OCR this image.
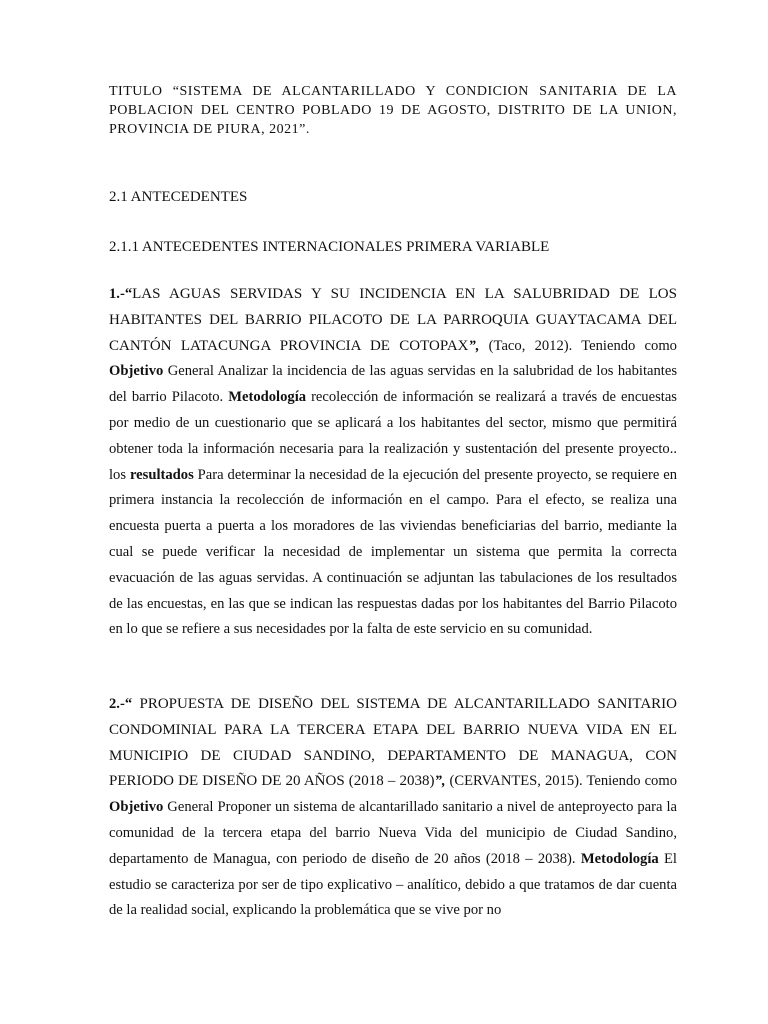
TITULO “SISTEMA DE ALCANTARILLADO Y CONDICION SANITARIA DE LA POBLACION DEL CENTRO POBLADO 19 DE AGOSTO, DISTRITO DE LA UNION, PROVINCIA DE PIURA, 2021”.
2.1 ANTECEDENTES
2.1.1 ANTECEDENTES INTERNACIONALES PRIMERA VARIABLE
1.-“LAS AGUAS SERVIDAS Y SU INCIDENCIA EN LA SALUBRIDAD DE LOS HABITANTES DEL BARRIO PILACOTO DE LA PARROQUIA GUAYTACAMA DEL CANTÓN LATACUNGA PROVINCIA DE COTOPAX”, (Taco, 2012). Teniendo como Objetivo General Analizar la incidencia de las aguas servidas en la salubridad de los habitantes del barrio Pilacoto. Metodología recolección de información se realizará a través de encuestas por medio de un cuestionario que se aplicará a los habitantes del sector, mismo que permitirá obtener toda la información necesaria para la realización y sustentación del presente proyecto.. los resultados Para determinar la necesidad de la ejecución del presente proyecto, se requiere en primera instancia la recolección de información en el campo. Para el efecto, se realiza una encuesta puerta a puerta a los moradores de las viviendas beneficiarias del barrio, mediante la cual se puede verificar la necesidad de implementar un sistema que permita la correcta evacuación de las aguas servidas. A continuación se adjuntan las tabulaciones de los resultados de las encuestas, en las que se indican las respuestas dadas por los habitantes del Barrio Pilacoto en lo que se refiere a sus necesidades por la falta de este servicio en su comunidad.
2.-“ PROPUESTA DE DISEÑO DEL SISTEMA DE ALCANTARILLADO SANITARIO CONDOMINIAL PARA LA TERCERA ETAPA DEL BARRIO NUEVA VIDA EN EL MUNICIPIO DE CIUDAD SANDINO, DEPARTAMENTO DE MANAGUA, CON PERIODO DE DISEÑO DE 20 AÑOS (2018 – 2038)”, (CERVANTES, 2015). Teniendo como Objetivo General Proponer un sistema de alcantarillado sanitario a nivel de anteproyecto para la comunidad de la tercera etapa del barrio Nueva Vida del municipio de Ciudad Sandino, departamento de Managua, con periodo de diseño de 20 años (2018 – 2038). Metodología El estudio se caracteriza por ser de tipo explicativo – analítico, debido a que tratamos de dar cuenta de la realidad social, explicando la problemática que se vive por no
